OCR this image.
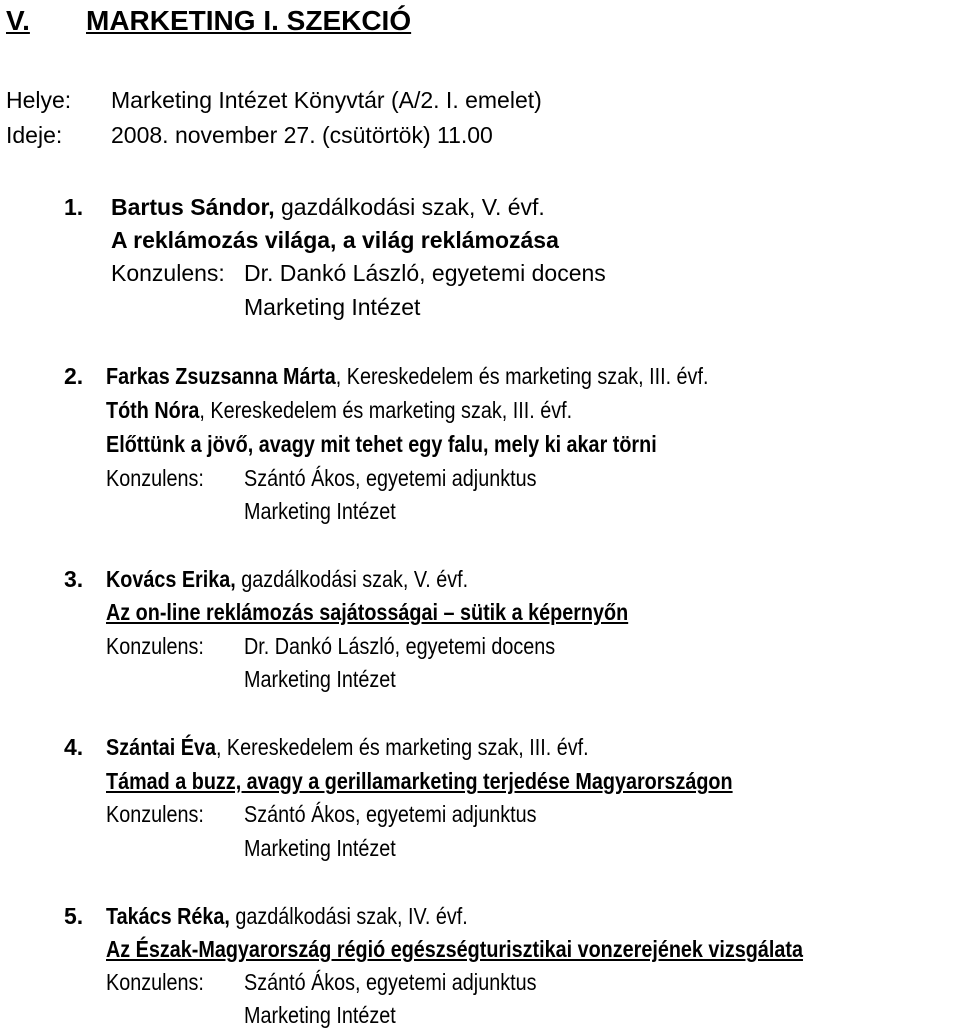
V. MARKETING I. SZEKCIÓ
Helye: Marketing Intézet Könyvtár (A/2. I. emelet)
Ideje: 2008. november 27. (csütörtök) 11.00
1. Bartus Sándor, gazdálkodási szak, V. évf.
A reklámozás világa, a világ reklámozása
Konzulens: Dr. Dankó László, egyetemi docens
Marketing Intézet
2. Farkas Zsuzsanna Márta, Kereskedelem és marketing szak, III. évf.
Tóth Nóra, Kereskedelem és marketing szak, III. évf.
Előttünk a jövő, avagy mit tehet egy falu, mely ki akar törni
Konzulens: Szántó Ákos, egyetemi adjunktus
Marketing Intézet
3. Kovács Erika, gazdálkodási szak, V. évf.
Az on-line reklámozás sajátosságai – sütik a képernyőn
Konzulens: Dr. Dankó László, egyetemi docens
Marketing Intézet
4. Szántai Éva, Kereskedelem és marketing szak, III. évf.
Támad a buzz, avagy a gerillamarketing terjedése Magyarországon
Konzulens: Szántó Ákos, egyetemi adjunktus
Marketing Intézet
5. Takács Réka, gazdálkodási szak, IV. évf.
Az Észak-Magyarország régió egészségturisztikai vonzerejének vizsgálata
Konzulens: Szántó Ákos, egyetemi adjunktus
Marketing Intézet
